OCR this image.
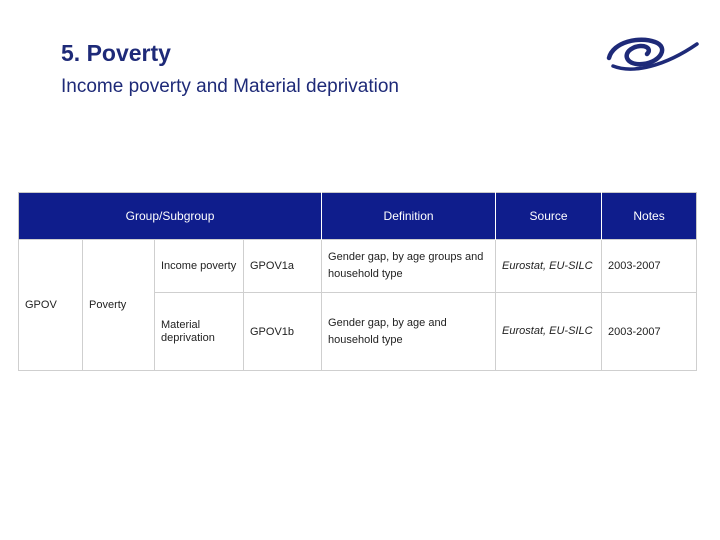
5. Poverty

Income poverty and Material deprivation

Group/Subgroup				Definition	Source	Notes
GPOV	Poverty	Income poverty	GPOV1a	Gender gap, by age groups and household type	Eurostat, EU-SILC	2003-2007
		Material deprivation	GPOV1b	Gender gap, by age and household type	Eurostat, EU-SILC	2003-2007
